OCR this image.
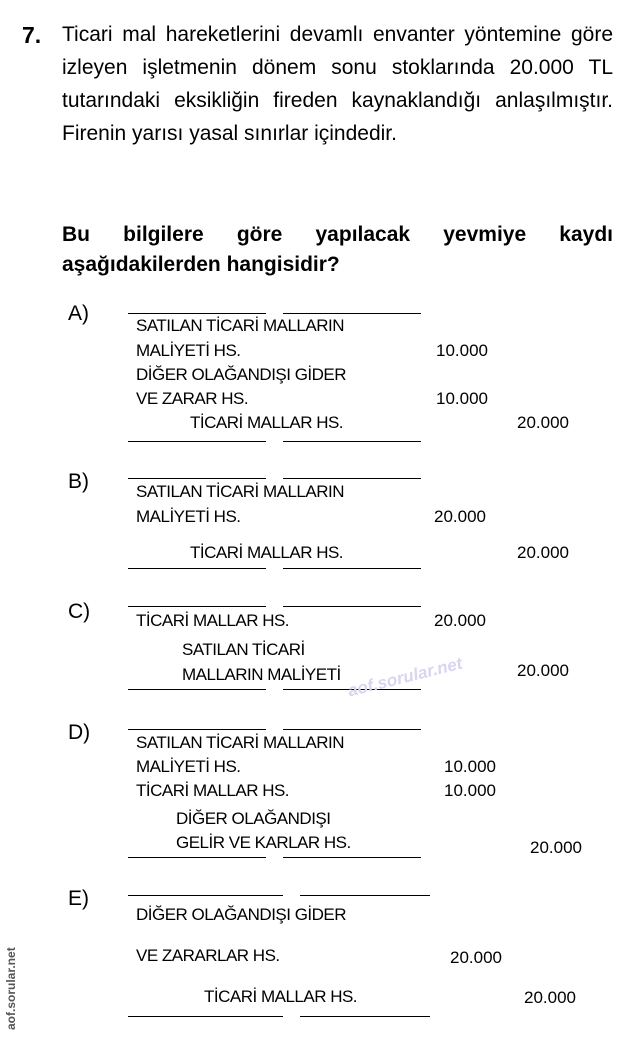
7. Ticari mal hareketlerini devamlı envanter yöntemine göre izleyen işletmenin dönem sonu stoklarında 20.000 TL tutarındaki eksikliğin fireden kaynaklandığı anlaşılmıştır. Firenin yarısı yasal sınırlar içindedir.

Bu bilgilere göre yapılacak yevmiye kaydı aşağıdakilerden hangisidir?

A)
SATILAN TİCARİ MALLARIN
MALİYETİ HS.	10.000
DİĞER OLAĞANDIŞI GİDER
VE ZARAR HS.	10.000
TİCARİ MALLAR HS.	20.000
B)	SATILAN TİCARİ MALLARIN
MALİYETİ HS.	20.000
TİCARİ MALLAR HS.	20.000
C)	TİCARİ MALLAR HS.	20.000
SATILAN TİCARİ
MALLARIN MALİYETİ	20.000
D)	SATILAN TİCARİ MALLARIN
MALİYETİ HS.	10.000
TİCARİ MALLAR HS.	10.000
DİĞER OLAĞANDIŞI
GELİR VE KARLAR HS.	20.000
E)
DİĞER OLAĞANDIŞI GİDER
VE ZARARLAR HS.	20.000
TİCARİ MALLAR HS.	20.000
aof.sorular.net
aof.sorular.net
